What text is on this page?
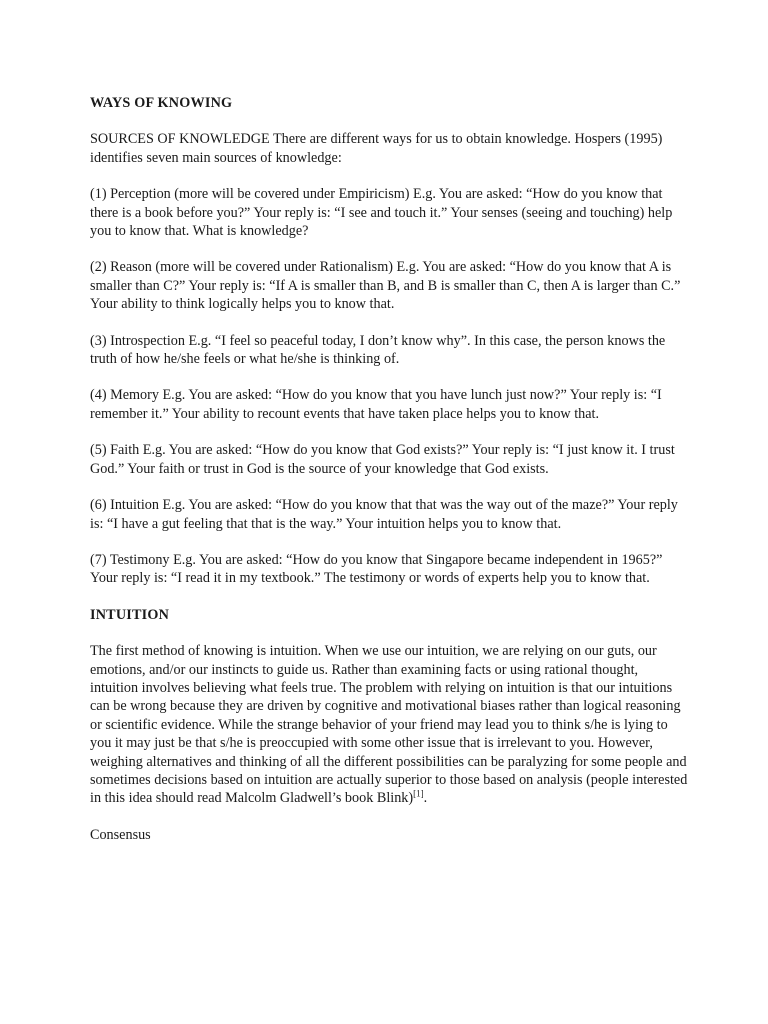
WAYS OF KNOWING

SOURCES OF KNOWLEDGE There are different ways for us to obtain knowledge. Hospers (1995) identifies seven main sources of knowledge:

(1) Perception (more will be covered under Empiricism) E.g. You are asked: “How do you know that there is a book before you?” Your reply is: “I see and touch it.” Your senses (seeing and touching) help you to know that. What is knowledge?

(2) Reason (more will be covered under Rationalism) E.g. You are asked: “How do you know that A is smaller than C?” Your reply is: “If A is smaller than B, and B is smaller than C, then A is larger than C.” Your ability to think logically helps you to know that.

(3) Introspection E.g. “I feel so peaceful today, I don’t know why”. In this case, the person knows the truth of how he/she feels or what he/she is thinking of.

(4) Memory E.g. You are asked: “How do you know that you have lunch just now?” Your reply is: “I remember it.” Your ability to recount events that have taken place helps you to know that.

(5) Faith E.g. You are asked: “How do you know that God exists?” Your reply is: “I just know it. I trust God.” Your faith or trust in God is the source of your knowledge that God exists.

(6) Intuition E.g. You are asked: “How do you know that that was the way out of the maze?” Your reply is: “I have a gut feeling that that is the way.” Your intuition helps you to know that.

(7) Testimony E.g. You are asked: “How do you know that Singapore became independent in 1965?” Your reply is: “I read it in my textbook.” The testimony or words of experts help you to know that.

INTUITION

The first method of knowing is intuition. When we use our intuition, we are relying on our guts, our emotions, and/or our instincts to guide us. Rather than examining facts or using rational thought, intuition involves believing what feels true. The problem with relying on intuition is that our intuitions can be wrong because they are driven by cognitive and motivational biases rather than logical reasoning or scientific evidence. While the strange behavior of your friend may lead you to think s/he is lying to you it may just be that s/he is preoccupied with some other issue that is irrelevant to you. However, weighing alternatives and thinking of all the different possibilities can be paralyzing for some people and sometimes decisions based on intuition are actually superior to those based on analysis (people interested in this idea should read Malcolm Gladwell’s book Blink)[1].

Consensus
